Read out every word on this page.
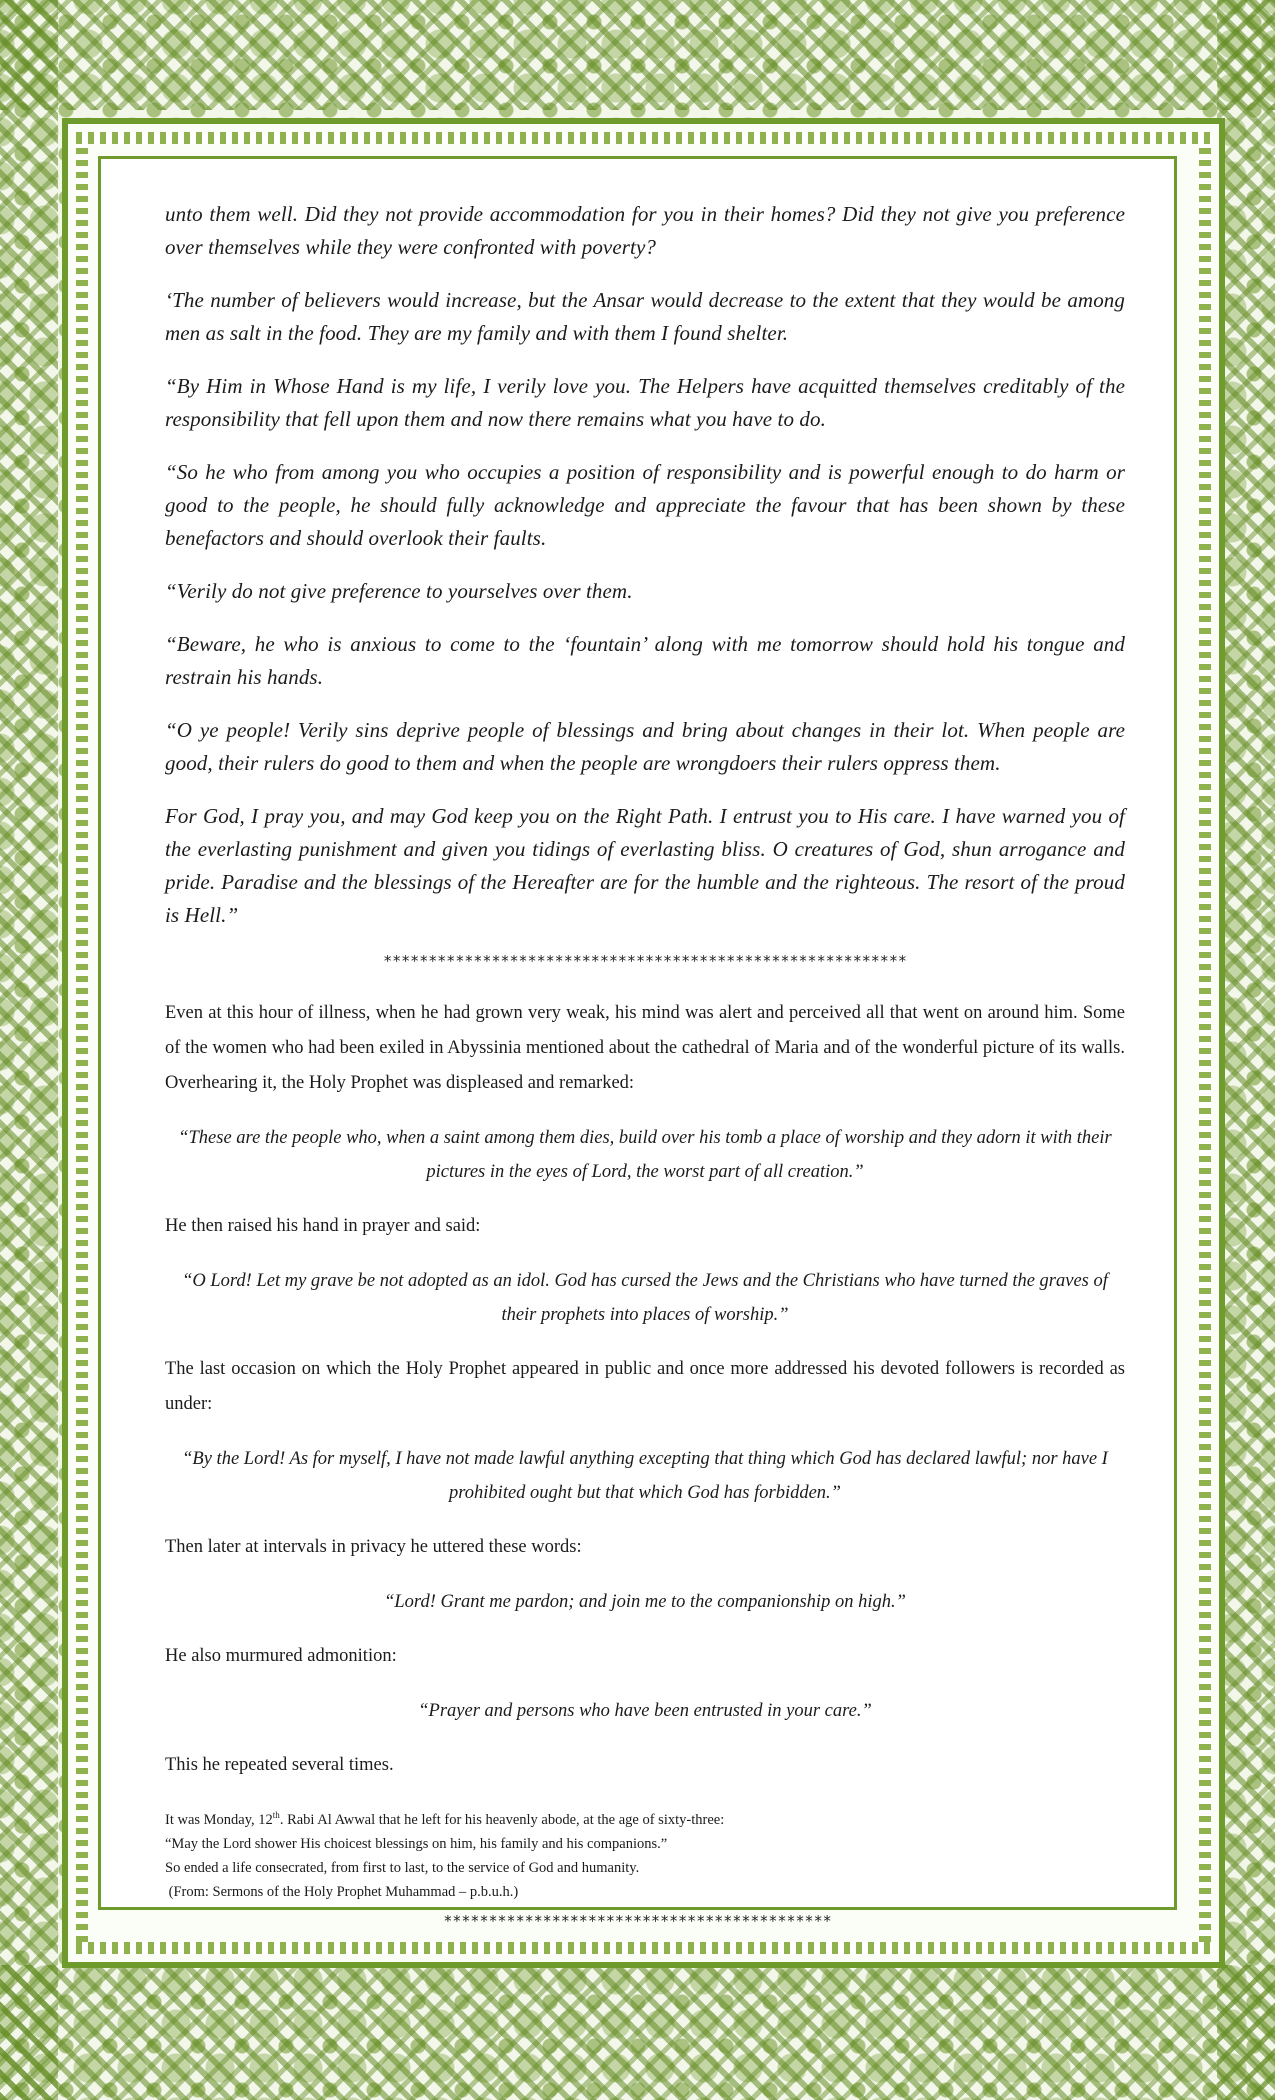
unto them well. Did they not provide accommodation for you in their homes? Did they not give you preference over themselves while they were confronted with poverty?

‘The number of believers would increase, but the Ansar would decrease to the extent that they would be among men as salt in the food. They are my family and with them I found shelter.

“By Him in Whose Hand is my life, I verily love you. The Helpers have acquitted themselves creditably of the responsibility that fell upon them and now there remains what you have to do.

“So he who from among you who occupies a position of responsibility and is powerful enough to do harm or good to the people, he should fully acknowledge and appreciate the favour that has been shown by these benefactors and should overlook their faults.

“Verily do not give preference to yourselves over them.

“Beware, he who is anxious to come to the ‘fountain’ along with me tomorrow should hold his tongue and restrain his hands.

“O ye people! Verily sins deprive people of blessings and bring about changes in their lot. When people are good, their rulers do good to them and when the people are wrongdoers their rulers oppress them.

For God, I pray you, and may God keep you on the Right Path. I entrust you to His care. I have warned you of the everlasting punishment and given you tidings of everlasting bliss. O creatures of God, shun arrogance and pride. Paradise and the blessings of the Hereafter are for the humble and the righteous. The resort of the proud is Hell.”

**********************************************************

Even at this hour of illness, when he had grown very weak, his mind was alert and perceived all that went on around him. Some of the women who had been exiled in Abyssinia mentioned about the cathedral of Maria and of the wonderful picture of its walls. Overhearing it, the Holy Prophet was displeased and remarked:

“These are the people who, when a saint among them dies, build over his tomb a place of worship and they adorn it with their pictures in the eyes of Lord, the worst part of all creation.”

He then raised his hand in prayer and said:

“O Lord! Let my grave be not adopted as an idol. God has cursed the Jews and the Christians who have turned the graves of their prophets into places of worship.”

The last occasion on which the Holy Prophet appeared in public and once more addressed his devoted followers is recorded as under:

“By the Lord! As for myself, I have not made lawful anything excepting that thing which God has declared lawful; nor have I prohibited ought but that which God has forbidden.”

Then later at intervals in privacy he uttered these words:

“Lord! Grant me pardon; and join me to the companionship on high.”

He also murmured admonition:

“Prayer and persons who have been entrusted in your care.”

This he repeated several times.

It was Monday, 12th. Rabi Al Awwal that he left for his heavenly abode, at the age of sixty-three:

“May the Lord shower His choicest blessings on him, his family and his companions.”

So ended a life consecrated, from first to last, to the service of God and humanity.

(From: Sermons of the Holy Prophet Muhammad – p.b.u.h.)

*******************************************
